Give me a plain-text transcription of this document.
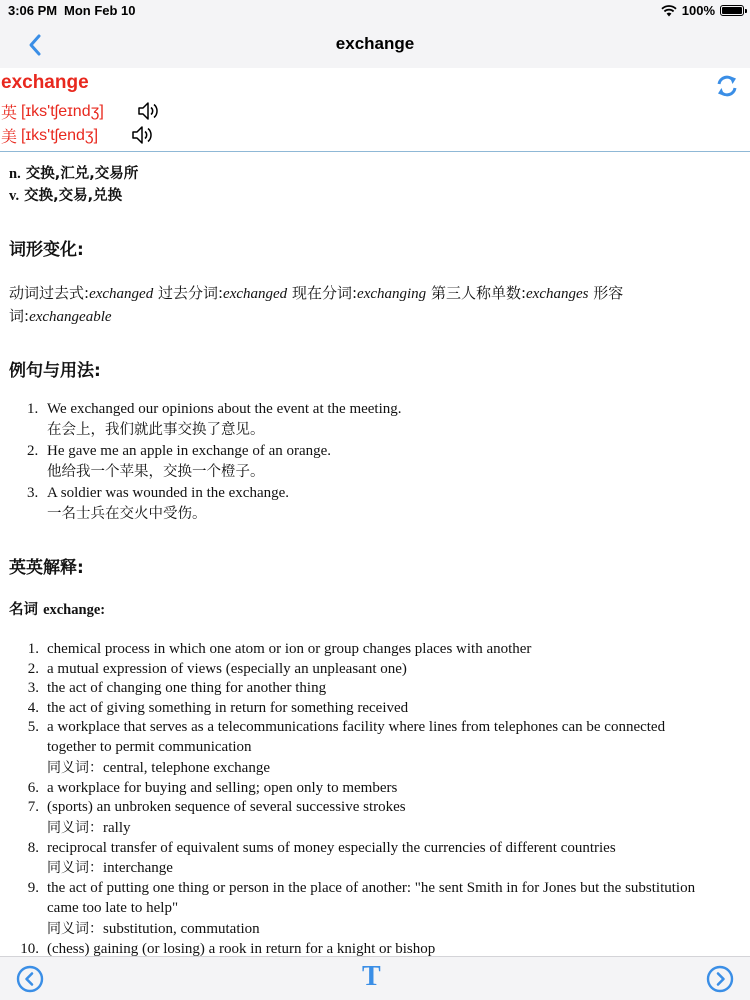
3:06 PM Mon Feb 10	100%
exchange
exchange
英 [ɪks'tʃeɪndʒ]
美 [ɪks'tʃendʒ]
n. 交换,汇兑,交易所
v. 交换,交易,兑换
词形变化:
动词过去式:exchanged 过去分词:exchanged 现在分词:exchanging 第三人称单数:exchanges 形容词:exchangeable
例句与用法:
1. We exchanged our opinions about the event at the meeting.
在会上，我们就此事交换了意见。
2. He gave me an apple in exchange of an orange.
他给我一个苹果，交换一个橙子。
3. A soldier was wounded in the exchange.
一名士兵在交火中受伤。
英英解释:
名词 exchange:
1. chemical process in which one atom or ion or group changes places with another
2. a mutual expression of views (especially an unpleasant one)
3. the act of changing one thing for another thing
4. the act of giving something in return for something received
5. a workplace that serves as a telecommunications facility where lines from telephones can be connected together to permit communication
同义词：central, telephone exchange
6. a workplace for buying and selling; open only to members
7. (sports) an unbroken sequence of several successive strokes
同义词：rally
8. reciprocal transfer of equivalent sums of money especially the currencies of different countries
同义词：interchange
9. the act of putting one thing or person in the place of another: "he sent Smith in for Jones but the substitution came too late to help"
同义词：substitution, commutation
10. (chess) gaining (or losing) a rook in return for a knight or bishop
T
